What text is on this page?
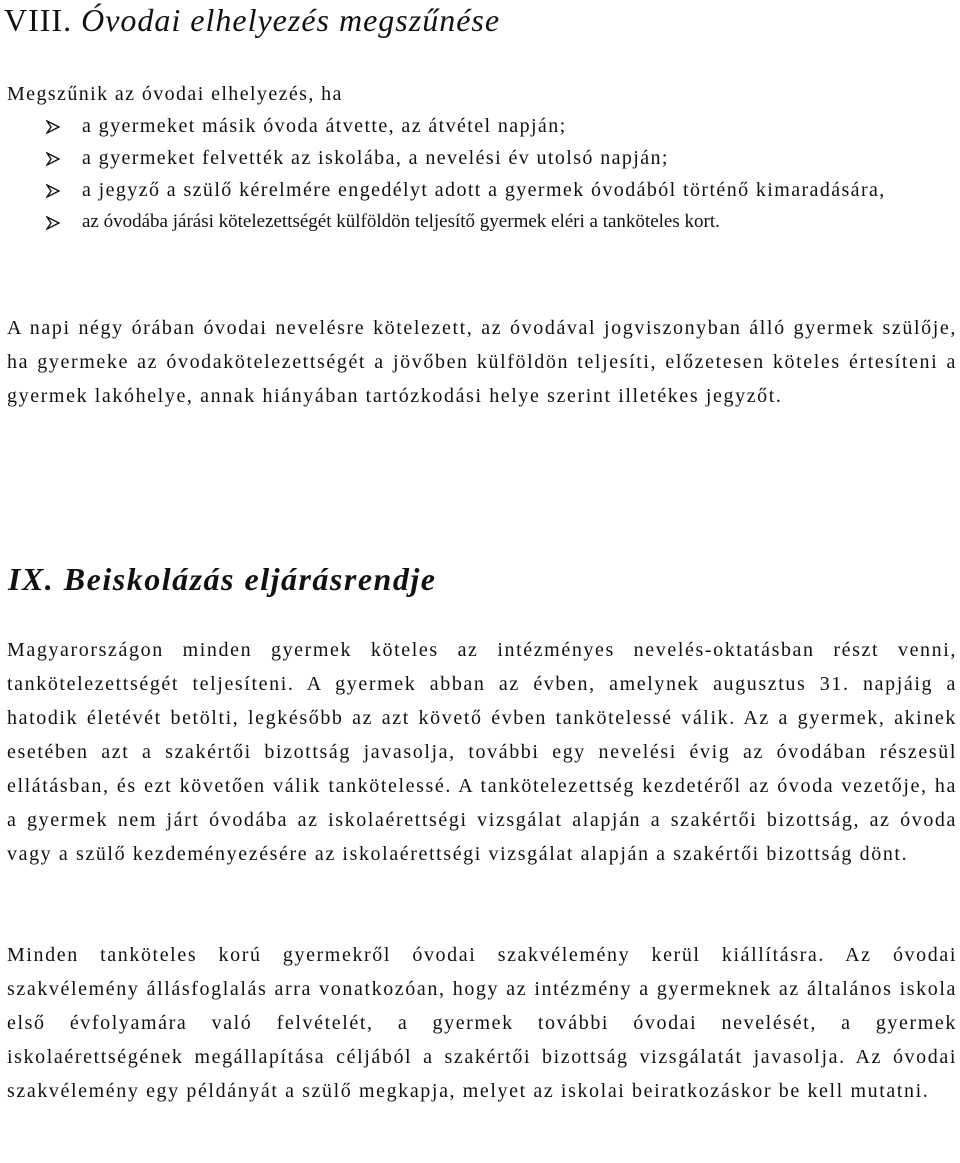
VIII. Óvodai elhelyezés megszűnése
Megszűnik az óvodai elhelyezés, ha
a gyermeket másik óvoda átvette, az átvétel napján;
a gyermeket felvették az iskolába, a nevelési év utolsó napján;
a jegyző a szülő kérelmére engedélyt adott a gyermek óvodából történő kimaradására,
az óvodába járási kötelezettségét külföldön teljesítő gyermek eléri a tanköteles kort.

A napi négy órában óvodai nevelésre kötelezett, az óvodával jogviszonyban álló gyermek szülője, ha gyermeke az óvodakötelezettségét a jövőben külföldön teljesíti, előzetesen köteles értesíteni a gyermek lakóhelye, annak hiányában tartózkodási helye szerint illetékes jegyzőt.

IX. Beiskolázás eljárásrendje

Magyarországon minden gyermek köteles az intézményes nevelés-oktatásban részt venni, tankötelezettségét teljesíteni. A gyermek abban az évben, amelynek augusztus 31. napjáig a hatodik életévét betölti, legkésőbb az azt követő évben tankötelessé válik. Az a gyermek, akinek esetében azt a szakértői bizottság javasolja, további egy nevelési évig az óvodában részesül ellátásban, és ezt követően válik tankötelessé. A tankötelezettség kezdetéről az óvoda vezetője, ha a gyermek nem járt óvodába az iskolaérettségi vizsgálat alapján a szakértői bizottság, az óvoda vagy a szülő kezdeményezésére az iskolaérettségi vizsgálat alapján a szakértői bizottság dönt.

Minden tanköteles korú gyermekről óvodai szakvélemény kerül kiállításra. Az óvodai szakvélemény állásfoglalás arra vonatkozóan, hogy az intézmény a gyermeknek az általános iskola első évfolyamára való felvételét, a gyermek további óvodai nevelését, a gyermek iskolaérettségének megállapítása céljából a szakértői bizottság vizsgálatát javasolja. Az óvodai szakvélemény egy példányát a szülő megkapja, melyet az iskolai beiratkozáskor be kell mutatni.
